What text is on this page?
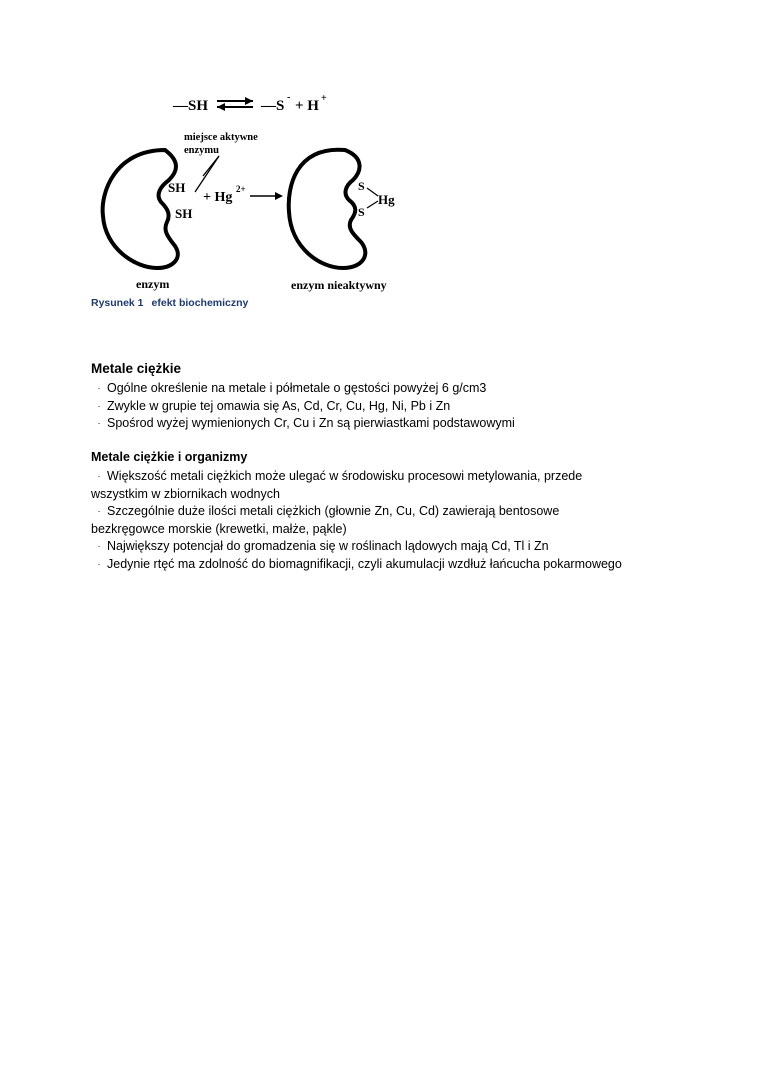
—SH	—S
-
+ H +
miejsce aktywne
enzymu
SH
SH
+ Hg
2+	S
S
Hg
enzym	enzym nieaktywny
Rysunek 1 efekt biochemiczny
Metale ciężkie
· Ogólne określenie na metale i półmetale o gęstości powyżej 6 g/cm3
· Zwykle w grupie tej omawia się As, Cd, Cr, Cu, Hg, Ni, Pb i Zn
· Spośrod wyżej wymienionych Cr, Cu i Zn są pierwiastkami podstawowymi
Metale ciężkie i organizmy
· Większość metali ciężkich może ulegać w środowisku procesowi metylowania, przede wszystkim w zbiornikach wodnych
· Szczególnie duże ilości metali ciężkich (głownie Zn, Cu, Cd) zawierają bentosowe bezkręgowce morskie (krewetki, małże, pąkle)
· Największy potencjał do gromadzenia się w roślinach lądowych mają Cd, Tl i Zn
· Jedynie rtęć ma zdolność do biomagnifikacji, czyli akumulacji wzdłuż łańcucha pokarmowego
